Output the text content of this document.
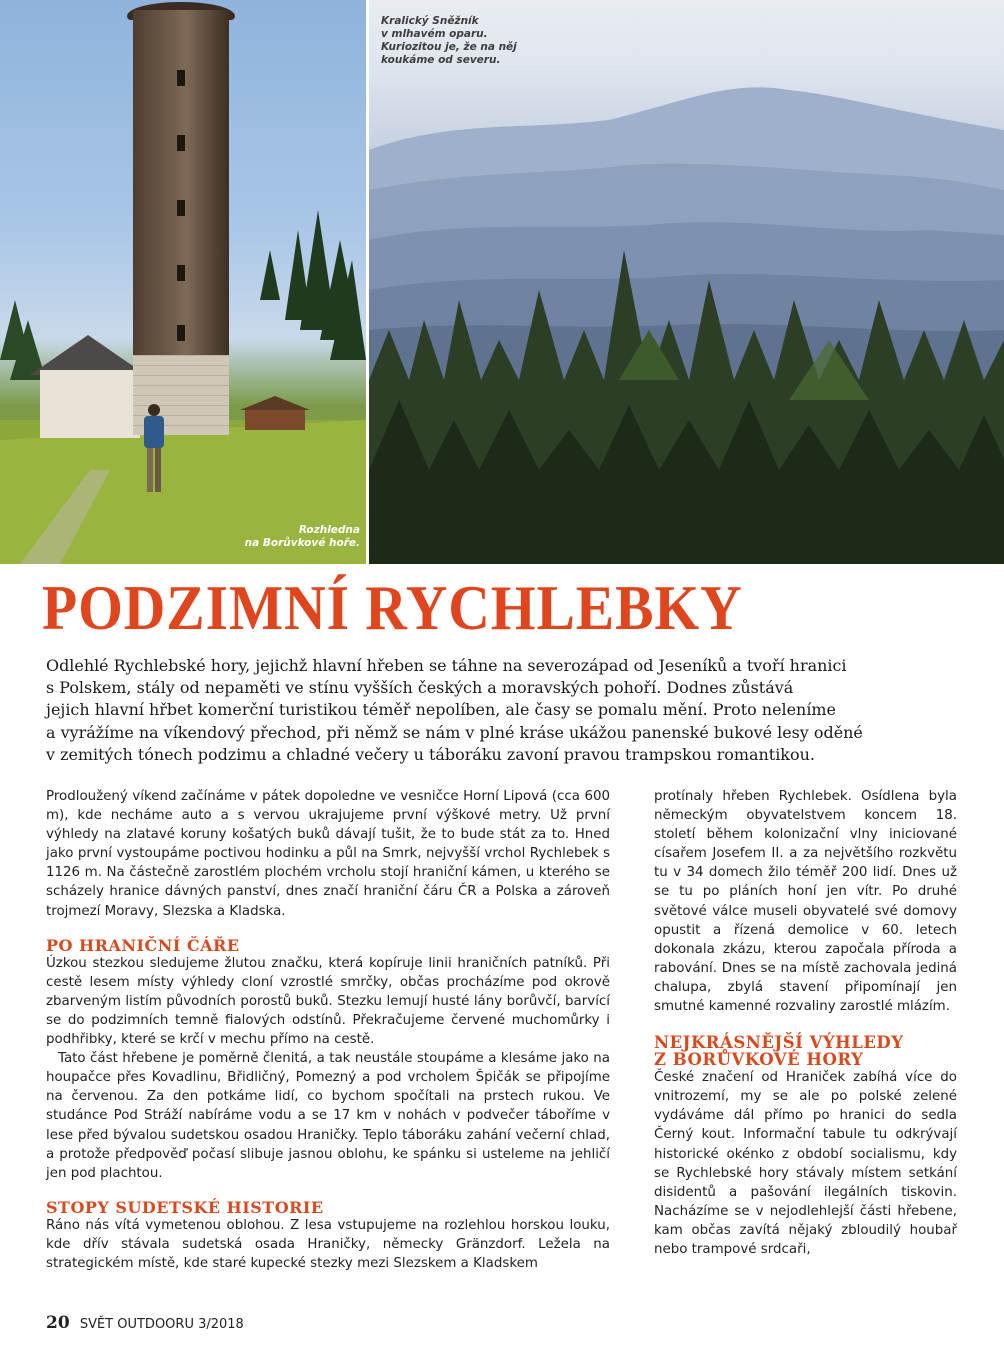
Rozhledna
na Borůvkové hoře.
Kralický Sněžník
v mlhavém oparu.
Kuriozitou je, že na něj
koukáme od severu.
PODZIMNÍ RYCHLEBKY
Odlehlé Rychlebské hory, jejichž hlavní hřeben se táhne na severozápad od Jeseníků a tvoří hranici
s Polskem, stály od nepaměti ve stínu vyšších českých a moravských pohoří. Dodnes zůstává
jejich hlavní hřbet komerční turistikou téměř nepolíben, ale časy se pomalu mění. Proto neleníme
a vyrážíme na víkendový přechod, při němž se nám v plné kráse ukážou panenské bukové lesy oděné
v zemitých tónech podzimu a chladné večery u táboráku zavoní pravou trampskou romantikou.

Prodloužený víkend začínáme v pátek dopoledne ve vesničce Horní Lipová (cca 600 m), kde necháme auto a s vervou ukrajujeme první výškové metry. Už první výhledy na zlatavé koruny košatých buků dávají tušit, že to bude stát za to. Hned jako první vystoupáme poctivou hodinku a půl na Smrk, nejvyšší vrchol Rychlebek s 1126 m. Na částečně zarostlém plochém vrcholu stojí hraniční kámen, u kterého se scházely hranice dávných panství, dnes značí hraniční čáru ČR a Polska a zároveň trojmezí Moravy, Slezska a Kladska.

PO HRANIČNÍ ČÁŘE

Úzkou stezkou sledujeme žlutou značku, která kopíruje linii hraničních patníků. Při cestě lesem místy výhledy cloní vzrostlé smrčky, občas procházíme pod okrově zbarveným listím původních porostů buků. Stezku lemují husté lány borůvčí, barvící se do podzimních temně fialových odstínů. Překračujeme červené muchomůrky i podhřibky, které se krčí v mechu přímo na cestě.

Tato část hřebene je poměrně členitá, a tak neustále stoupáme a klesáme jako na houpačce přes Kovadlinu, Břidličný, Pomezný a pod vrcholem Špičák se připojíme na červenou. Za den potkáme lidí, co bychom spočítali na prstech rukou. Ve studánce Pod Stráží nabíráme vodu a se 17 km v nohách v podvečer táboříme v lese před bývalou sudetskou osadou Hraničky. Teplo táboráku zahání večerní chlad, a protože předpověď počasí slibuje jasnou oblohu, ke spánku si usteleme na jehličí jen pod plachtou.

STOPY SUDETSKÉ HISTORIE

Ráno nás vítá vymetenou oblohou. Z lesa vstupujeme na rozlehlou horskou louku, kde dřív stávala sudetská osada Hraničky, německy Gränzdorf. Ležela na strategickém místě, kde staré kupecké stezky mezi Slezskem a Kladskem

protínaly hřeben Rychlebek. Osídlena byla německým obyvatelstvem koncem 18. století během kolonizační vlny iniciované císařem Josefem II. a za největšího rozkvětu tu v 34 domech žilo téměř 200 lidí. Dnes už se tu po pláních honí jen vítr. Po druhé světové válce museli obyvatelé své domovy opustit a řízená demolice v 60. letech dokonala zkázu, kterou započala příroda a rabování. Dnes se na místě zachovala jediná chalupa, zbylá stavení připomínají jen smutné kamenné rozvaliny zarostlé mlázím.

NEJKRÁSNĚJŠÍ VÝHLEDY
Z BORŮVKOVÉ HORY

České značení od Hraniček zabíhá více do vnitrozemí, my se ale po polské zelené vydáváme dál přímo po hranici do sedla Černý kout. Informační tabule tu odkrývají historické okénko z období socialismu, kdy se Rychlebské hory stávaly místem setkání disidentů a pašování ilegálních tiskovin. Nacházíme se v nejodlehlejší části hřebene, kam občas zavítá nějaký zbloudilý houbař nebo trampové srdcaři,

20 SVĚT OUTDOORU 3/2018
